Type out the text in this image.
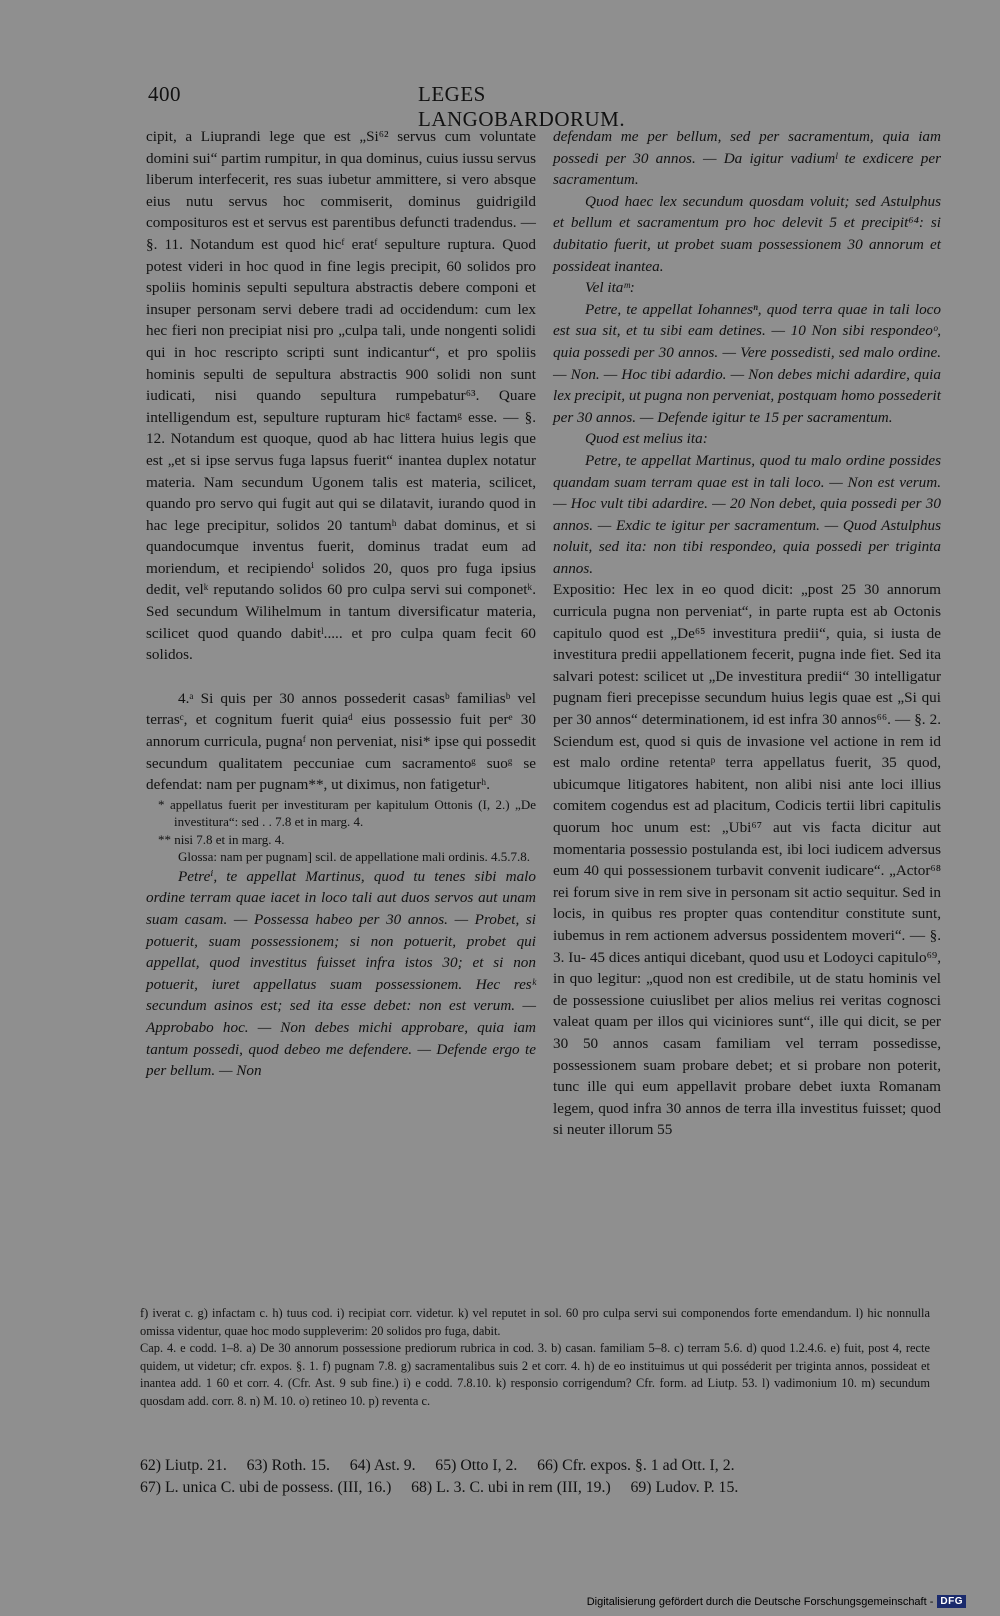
400	LEGES LANGOBARDORUM.

cipit, a Liuprandi lege que est „Si⁶² servus cum voluntate domini sui“ partim rumpitur, in qua dominus, cuius iussu servus liberum interfecerit, res suas iubetur ammittere, si vero absque eius nutu servus hoc commiserit, dominus guidrigild composituros est et servus est parentibus defuncti tradendus. — §. 11. Notandum est quod hicᶠ eratᶠ sepulture ruptura. Quod potest videri in hoc quod in fine legis precipit, 60 solidos pro spoliis hominis sepulti sepultura abstractis debere componi et insuper personam servi debere tradi ad occidendum: cum lex hec fieri non precipiat nisi pro „culpa tali, unde nongenti solidi qui in hoc rescripto scripti sunt indicantur“, et pro spoliis hominis sepulti de sepultura abstractis 900 solidi non sunt iudicati, nisi quando sepultura rumpebatur⁶³. Quare intelligendum est, sepulture rupturam hicᵍ factamᵍ esse. — §. 12. Notandum est quoque, quod ab hac littera huius legis que est „et si ipse servus fuga lapsus fuerit“ inantea duplex notatur materia. Nam secundum Ugonem talis est materia, scilicet, quando pro servo qui fugit aut qui se dilatavit, iurando quod in hac lege precipitur, solidos 20 tantumʰ dabat dominus, et si quandocumque inventus fuerit, dominus tradat eum ad moriendum, et recipiendoⁱ solidos 20, quos pro fuga ipsius dedit, velᵏ reputando solidos 60 pro culpa servi sui componetᵏ. Sed secundum Wilihelmum in tantum diversificatur materia, scilicet quod quando dabitˡ..... et pro culpa quam fecit 60 solidos.

4.ᵃ Si quis per 30 annos possederit casasᵇ familiasᵇ vel terrasᶜ, et cognitum fuerit quiaᵈ eius possessio fuit perᵉ 30 annorum curricula, pugnaᶠ non perveniat, nisi* ipse qui possedit secundum qualitatem peccuniae cum sacramentoᵍ suoᵍ se defendat: nam per pugnam**, ut diximus, non fatigeturʰ.

* appellatus fuerit per investituram per kapitulum Ottonis (I, 2.) „De investitura“: sed . . 7.8 et in marg. 4.

** nisi 7.8 et in marg. 4.

Glossa: nam per pugnam] scil. de appellatione mali ordinis. 4.5.7.8.

Petreⁱ, te appellat Martinus, quod tu tenes sibi malo ordine terram quae iacet in loco tali aut duos servos aut unam suam casam. — Possessa habeo per 30 annos. — Probet, si potuerit, suam possessionem; si non potuerit, probet qui appellat, quod investitus fuisset infra istos 30; et si non potuerit, iuret appellatus suam possessionem. Hec resᵏ secundum asinos est; sed ita esse debet: non est verum. — Approbabo hoc. — Non debes michi approbare, quia iam tantum possedi, quod debeo me defendere. — Defende ergo te per bellum. — Non

defendam me per bellum, sed per sacramentum, quia iam possedi per 30 annos. — Da igitur vadiumˡ te exdicere per sacramentum.

Quod haec lex secundum quosdam voluit; sed Astulphus et bellum et sacramentum pro hoc delevit 5 et precipit⁶⁴: si dubitatio fuerit, ut probet suam possessionem 30 annorum et possideat inantea.

Vel itaᵐ:

Petre, te appellat Iohannesⁿ, quod terra quae in tali loco est sua sit, et tu sibi eam detines. — 10 Non sibi respondeoᵒ, quia possedi per 30 annos. — Vere possedisti, sed malo ordine. — Non. — Hoc tibi adardio. — Non debes michi adardire, quia lex precipit, ut pugna non perveniat, postquam homo possederit per 30 annos. — Defende igitur te 15 per sacramentum.

Quod est melius ita:

Petre, te appellat Martinus, quod tu malo ordine possides quandam suam terram quae est in tali loco. — Non est verum. — Hoc vult tibi adardire. — 20 Non debet, quia possedi per 30 annos. — Exdic te igitur per sacramentum. — Quod Astulphus noluit, sed ita: non tibi respondeo, quia possedi per triginta annos.

Expositio: Hec lex in eo quod dicit: „post 25 30 annorum curricula pugna non perveniat“, in parte rupta est ab Octonis capitulo quod est „De⁶⁵ investitura predii“, quia, si iusta de investitura predii appellationem fecerit, pugna inde fiet. Sed ita salvari potest: scilicet ut „De investitura predii“ 30 intelligatur pugnam fieri precepisse secundum huius legis quae est „Si qui per 30 annos“ determinationem, id est infra 30 annos⁶⁶. — §. 2. Sciendum est, quod si quis de invasione vel actione in rem id est malo ordine retentaᵖ terra appellatus fuerit, 35 quod, ubicumque litigatores habitent, non alibi nisi ante loci illius comitem cogendus est ad placitum, Codicis tertii libri capitulis quorum hoc unum est: „Ubi⁶⁷ aut vis facta dicitur aut momentaria possessio postulanda est, ibi loci iudicem adversus eum 40 qui possessionem turbavit convenit iudicare“. „Actor⁶⁸ rei forum sive in rem sive in personam sit actio sequitur. Sed in locis, in quibus res propter quas contenditur constitute sunt, iubemus in rem actionem adversus possidentem moveri“. — §. 3. Iu- 45 dices antiqui dicebant, quod usu et Lodoyci capitulo⁶⁹, in quo legitur: „quod non est credibile, ut de statu hominis vel de possessione cuiuslibet per alios melius rei veritas cognosci valeat quam per illos qui viciniores sunt“, ille qui dicit, se per 30 50 annos casam familiam vel terram possedisse, possessionem suam probare debet; et si probare non poterit, tunc ille qui eum appellavit probare debet iuxta Romanam legem, quod infra 30 annos de terra illa investitus fuisset; quod si neuter illorum 55

f) iverat c. g) infactam c. h) tuus cod. i) recipiat corr. videtur. k) vel reputet in sol. 60 pro culpa servi sui componendos forte emendandum. l) hic nonnulla omissa videntur, quae hoc modo suppleverim: 20 solidos pro fuga, dabit.

Cap. 4. e codd. 1–8. a) De 30 annorum possessione prediorum rubrica in cod. 3. b) casan. familiam 5–8. c) terram 5.6. d) quod 1.2.4.6. e) fuit, post 4, recte quidem, ut videtur; cfr. expos. §. 1. f) pugnam 7.8. g) sacramentalibus suis 2 et corr. 4. h) de eo instituimus ut qui posséderit per triginta annos, possideat et inantea add. 1 60 et corr. 4. (Cfr. Ast. 9 sub fine.) i) e codd. 7.8.10. k) responsio corrigendum? Cfr. form. ad Liutp. 53. l) vadimonium 10. m) secundum quosdam add. corr. 8. n) M. 10. o) retineo 10. p) reventa c.

62) Liutp. 21.     63) Roth. 15.     64) Ast. 9.     65) Otto I, 2.     66) Cfr. expos. §. 1 ad Ott. I, 2.

67) L. unica C. ubi de possess. (III, 16.)     68) L. 3. C. ubi in rem (III, 19.)     69) Ludov. P. 15.

Digitalisierung gefördert durch die Deutsche Forschungsgemeinschaft - DFG
